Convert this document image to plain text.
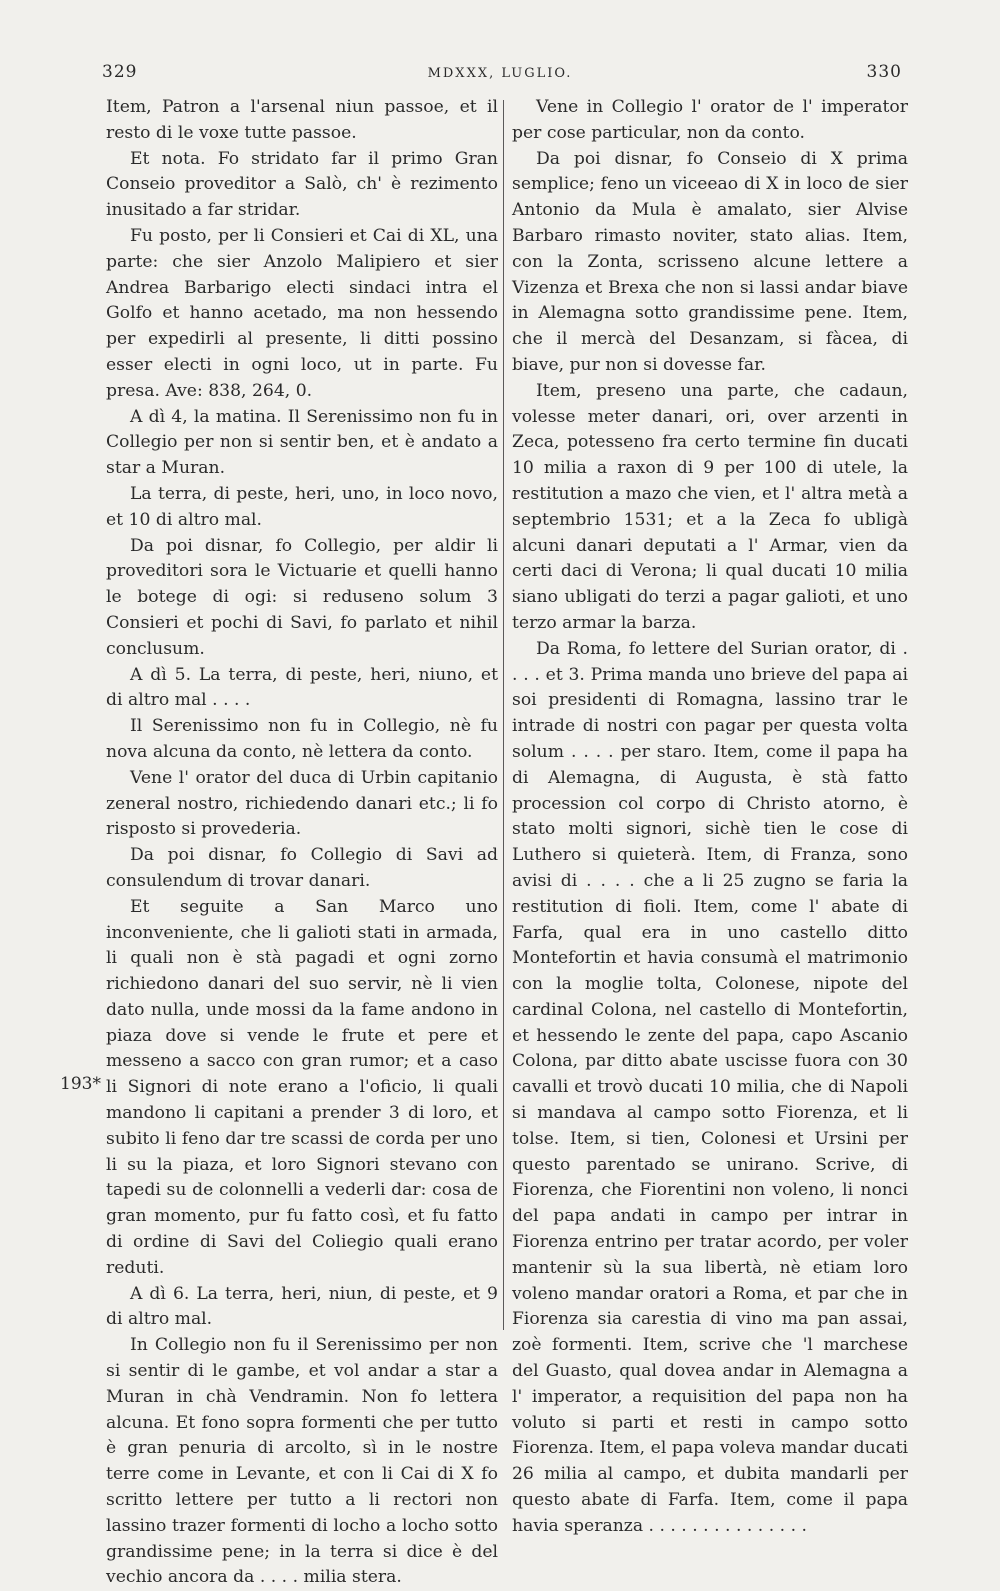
329	MDXXX, LUGLIO.	330
193*

Item, Patron a l'arsenal niun passoe, et il resto di le voxe tutte passoe.

Et nota. Fo stridato far il primo Gran Conseio proveditor a Salò, ch' è rezimento inusitado a far stridar.

Fu posto, per li Consieri et Cai di XL, una parte: che sier Anzolo Malipiero et sier Andrea Barbarigo electi sindaci intra el Golfo et hanno acetado, ma non hessendo per expedirli al presente, li ditti possino esser electi in ogni loco, ut in parte. Fu presa. Ave: 838, 264, 0.

A dì 4, la matina. Il Serenissimo non fu in Collegio per non si sentir ben, et è andato a star a Muran.

La terra, di peste, heri, uno, in loco novo, et 10 di altro mal.

Da poi disnar, fo Collegio, per aldir li proveditori sora le Victuarie et quelli hanno le botege di ogi: si reduseno solum 3 Consieri et pochi di Savi, fo parlato et nihil conclusum.

A dì 5. La terra, di peste, heri, niuno, et di altro mal . . . .

Il Serenissimo non fu in Collegio, nè fu nova alcuna da conto, nè lettera da conto.

Vene l' orator del duca di Urbin capitanio zeneral nostro, richiedendo danari etc.; li fo risposto si provederia.

Da poi disnar, fo Collegio di Savi ad consulendum di trovar danari.

Et seguite a San Marco uno inconveniente, che li galioti stati in armada, li quali non è stà pagadi et ogni zorno richiedono danari del suo servir, nè li vien dato nulla, unde mossi da la fame andono in piaza dove si vende le frute et pere et messeno a sacco con gran rumor; et a caso li Signori di note erano a l'oficio, li quali mandono li capitani a prender 3 di loro, et subito li feno dar tre scassi de corda per uno li su la piaza, et loro Signori stevano con tapedi su de colonnelli a vederli dar: cosa de gran momento, pur fu fatto così, et fu fatto di ordine di Savi del Coliegio quali erano reduti.

A dì 6. La terra, heri, niun, di peste, et 9 di altro mal.

In Collegio non fu il Serenissimo per non si sentir di le gambe, et vol andar a star a Muran in chà Vendramin. Non fo lettera alcuna. Et fono sopra formenti che per tutto è gran penuria di arcolto, sì in le nostre terre come in Levante, et con li Cai di X fo scritto lettere per tutto a li rectori non lassino trazer formenti di locho a locho sotto grandissime pene; in la terra si dice è del vechio ancora da . . . . milia stera.

Vene in Collegio l' orator de l' imperator per cose particular, non da conto.

Da poi disnar, fo Conseio di X prima semplice; feno un viceeao di X in loco de sier Antonio da Mula è amalato, sier Alvise Barbaro rimasto noviter, stato alias. Item, con la Zonta, scrisseno alcune lettere a Vizenza et Brexa che non si lassi andar biave in Alemagna sotto grandissime pene. Item, che il mercà del Desanzam, si fàcea, di biave, pur non si dovesse far.

Item, preseno una parte, che cadaun, volesse meter danari, ori, over arzenti in Zeca, potesseno fra certo termine fin ducati 10 milia a raxon di 9 per 100 di utele, la restitution a mazo che vien, et l' altra metà a septembrio 1531; et a la Zeca fo ubligà alcuni danari deputati a l' Armar, vien da certi daci di Verona; li qual ducati 10 milia siano ubligati do terzi a pagar galioti, et uno terzo armar la barza.

Da Roma, fo lettere del Surian orator, di . . . . et 3. Prima manda uno brieve del papa ai soi presidenti di Romagna, lassino trar le intrade di nostri con pagar per questa volta solum . . . . per staro. Item, come il papa ha di Alemagna, di Augusta, è stà fatto procession col corpo di Christo atorno, è stato molti signori, sichè tien le cose di Luthero si quieterà. Item, di Franza, sono avisi di . . . . che a li 25 zugno se faria la restitution di fioli. Item, come l' abate di Farfa, qual era in uno castello ditto Montefortin et havia consumà el matrimonio con la moglie tolta, Colonese, nipote del cardinal Colona, nel castello di Montefortin, et hessendo le zente del papa, capo Ascanio Colona, par ditto abate uscisse fuora con 30 cavalli et trovò ducati 10 milia, che di Napoli si mandava al campo sotto Fiorenza, et li tolse. Item, si tien, Colonesi et Ursini per questo parentado se unirano. Scrive, di Fiorenza, che Fiorentini non voleno, li nonci del papa andati in campo per intrar in Fiorenza entrino per tratar acordo, per voler mantenir sù la sua libertà, nè etiam loro voleno mandar oratori a Roma, et par che in Fiorenza sia carestia di vino ma pan assai, zoè formenti. Item, scrive che 'l marchese del Guasto, qual dovea andar in Alemagna a l' imperator, a requisition del papa non ha voluto si parti et resti in campo sotto Fiorenza. Item, el papa voleva mandar ducati 26 milia al campo, et dubita mandarli per questo abate di Farfa. Item, come il papa havia speranza . . . . . . . . . . . . . . .
